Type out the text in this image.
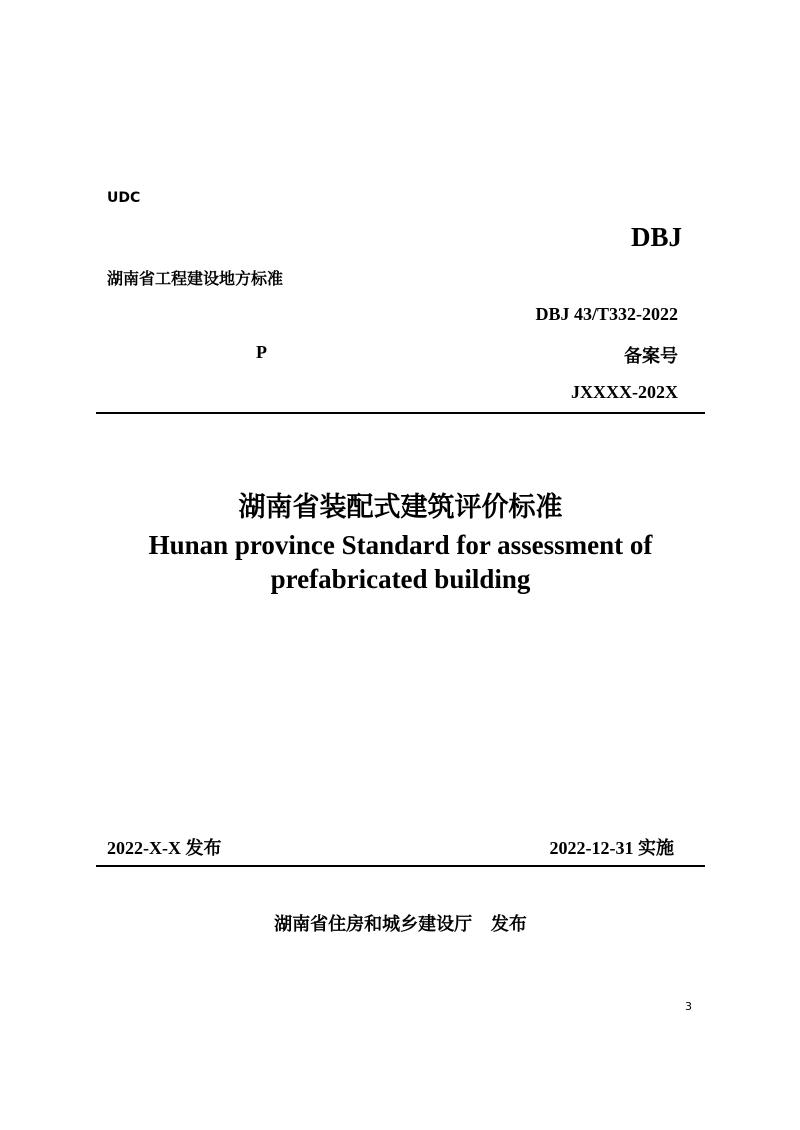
UDC
DBJ
湖南省工程建设地方标准
DBJ 43/T332-2022
P	备案号
JXXXX-202X
湖南省装配式建筑评价标准
Hunan province Standard for assessment of prefabricated building
2022-X-X 发布	2022-12-31 实施
湖南省住房和城乡建设厅   发布
3
